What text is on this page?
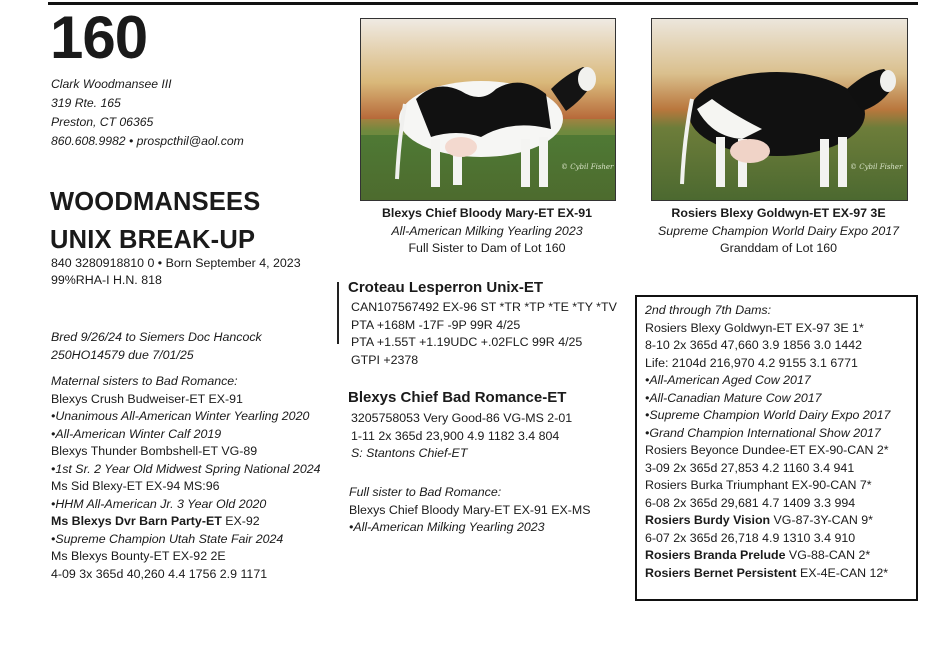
160
Clark Woodmansee III
319 Rte. 165
Preston, CT 06365
860.608.9982 • prospcthil@aol.com
WOODMANSEES
UNIX BREAK-UP
840 3280918810 0 • Born September 4, 2023
99%RHA-I H.N. 818
Bred 9/26/24 to Siemers Doc Hancock
250HO14579 due 7/01/25
Maternal sisters to Bad Romance:
Blexys Crush Budweiser-ET EX-91
•Unanimous All-American Winter Yearling 2020
•All-American Winter Calf 2019
Blexys Thunder Bombshell-ET VG-89
•1st Sr. 2 Year Old Midwest Spring National 2024
Ms Sid Blexy-ET EX-94 MS:96
•HHM All-American Jr. 3 Year Old 2020
Ms Blexys Dvr Barn Party-ET EX-92
•Supreme Champion Utah State Fair 2024
Ms Blexys Bounty-ET EX-92 2E
4-09 3x 365d 40,260 4.4 1756 2.9 1171
© Cybil Fisher
Blexys Chief Bloody Mary-ET EX-91
All-American Milking Yearling 2023
Full Sister to Dam of Lot 160
© Cybil Fisher
Rosiers Blexy Goldwyn-ET EX-97 3E
Supreme Champion World Dairy Expo 2017
Granddam of Lot 160
Croteau Lesperron Unix-ET
CAN107567492 EX-96 ST *TR *TP *TE *TY *TV
PTA +168M -17F -9P 99R 4/25
PTA +1.55T +1.19UDC +.02FLC 99R 4/25
GTPI +2378
Blexys Chief Bad Romance-ET
3205758053 Very Good-86 VG-MS 2-01
1-11 2x 365d 23,900 4.9 1182 3.4 804
S: Stantons Chief-ET
Full sister to Bad Romance:
Blexys Chief Bloody Mary-ET EX-91 EX-MS
•All-American Milking Yearling 2023
2nd through 7th Dams:
Rosiers Blexy Goldwyn-ET EX-97 3E 1*
8-10 2x 365d 47,660 3.9 1856 3.0 1442
Life: 2104d 216,970 4.2 9155 3.1 6771
•All-American Aged Cow 2017
•All-Canadian Mature Cow 2017
•Supreme Champion World Dairy Expo 2017
•Grand Champion International Show 2017
Rosiers Beyonce Dundee-ET EX-90-CAN 2*
3-09 2x 365d 27,853 4.2 1160 3.4 941
Rosiers Burka Triumphant EX-90-CAN 7*
6-08 2x 365d 29,681 4.7 1409 3.3 994
Rosiers Burdy Vision VG-87-3Y-CAN 9*
6-07 2x 365d 26,718 4.9 1310 3.4 910
Rosiers Branda Prelude VG-88-CAN 2*
Rosiers Bernet Persistent EX-4E-CAN 12*
